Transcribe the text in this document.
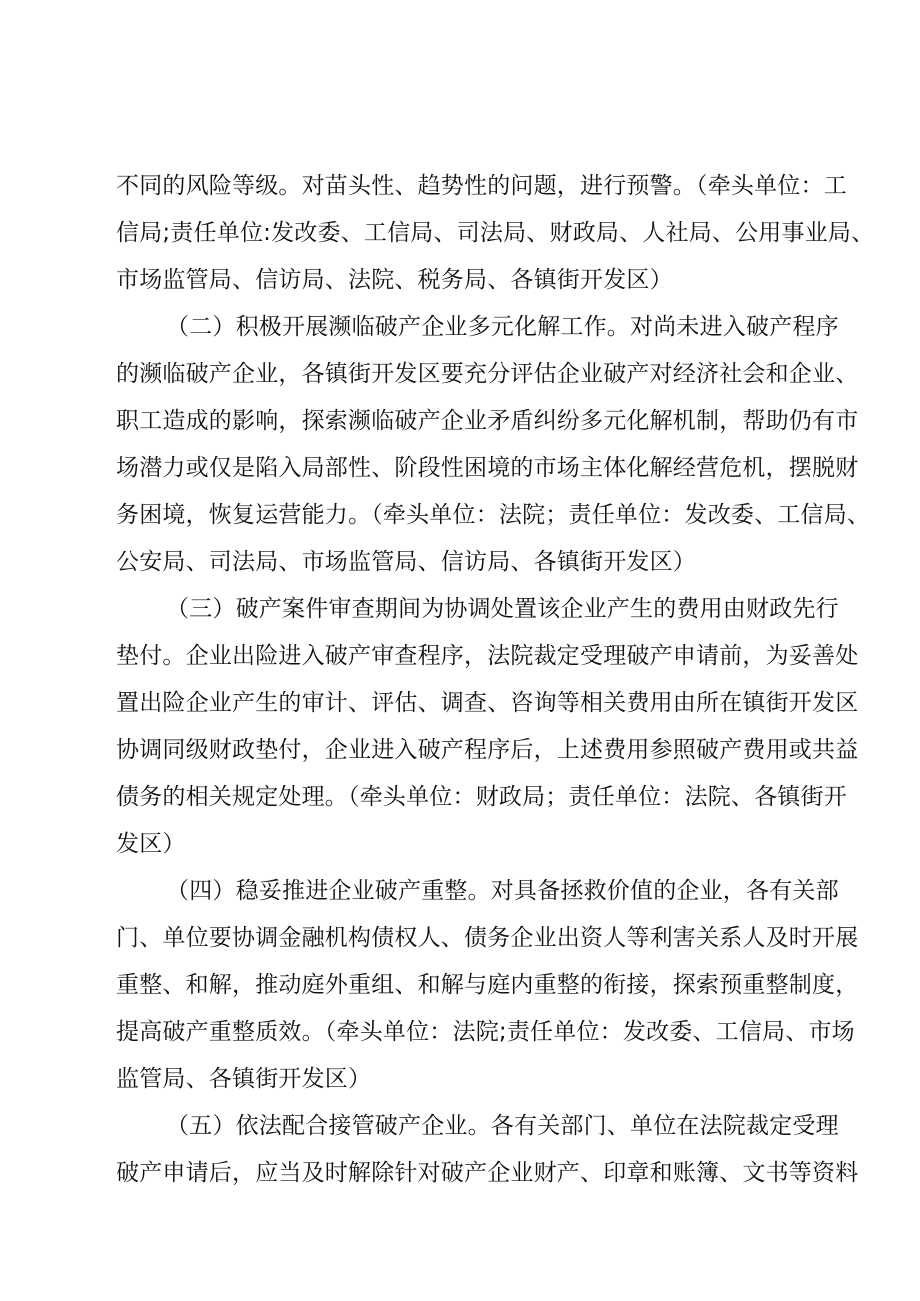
不同的风险等级。对苗头性、趋势性的问题，进行预警。（牵头单位：工
信局;责任单位:发改委、工信局、司法局、财政局、人社局、公用事业局、
市场监管局、信访局、法院、税务局、各镇街开发区）
（二）积极开展濒临破产企业多元化解工作。对尚未进入破产程序
的濒临破产企业，各镇街开发区要充分评估企业破产对经济社会和企业、
职工造成的影响，探索濒临破产企业矛盾纠纷多元化解机制，帮助仍有市
场潜力或仅是陷入局部性、阶段性困境的市场主体化解经营危机，摆脱财
务困境，恢复运营能力。（牵头单位：法院；责任单位：发改委、工信局、
公安局、司法局、市场监管局、信访局、各镇街开发区）
（三）破产案件审查期间为协调处置该企业产生的费用由财政先行
垫付。企业出险进入破产审查程序，法院裁定受理破产申请前，为妥善处
置出险企业产生的审计、评估、调查、咨询等相关费用由所在镇街开发区
协调同级财政垫付，企业进入破产程序后，上述费用参照破产费用或共益
债务的相关规定处理。（牵头单位：财政局；责任单位：法院、各镇街开
发区）
（四）稳妥推进企业破产重整。对具备拯救价值的企业，各有关部
门、单位要协调金融机构债权人、债务企业出资人等利害关系人及时开展
重整、和解，推动庭外重组、和解与庭内重整的衔接，探索预重整制度，
提高破产重整质效。（牵头单位：法院;责任单位：发改委、工信局、市场
监管局、各镇街开发区）
（五）依法配合接管破产企业。各有关部门、单位在法院裁定受理
破产申请后，应当及时解除针对破产企业财产、印章和账簿、文书等资料
